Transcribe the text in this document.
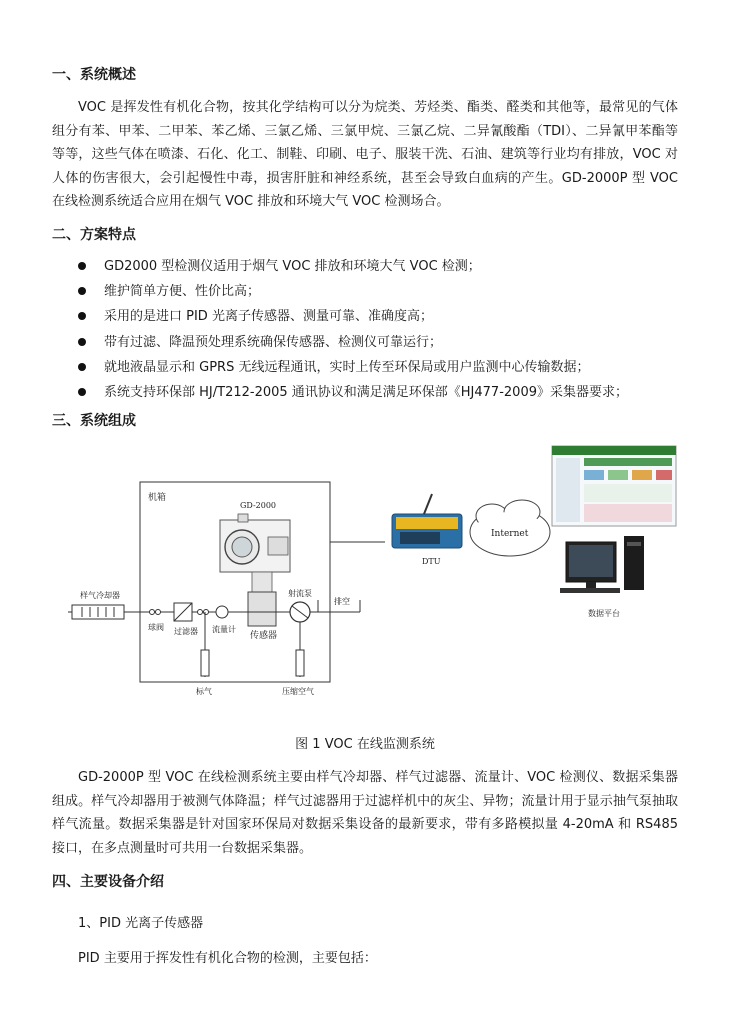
一、系统概述

VOC 是挥发性有机化合物，按其化学结构可以分为烷类、芳烃类、酯类、醛类和其他等，最常见的气体组分有苯、甲苯、二甲苯、苯乙烯、三氯乙烯、三氯甲烷、三氯乙烷、二异氰酸酯（TDI）、二异氰甲苯酯等等等，这些气体在喷漆、石化、化工、制鞋、印刷、电子、服装干洗、石油、建筑等行业均有排放，VOC 对人体的伤害很大，会引起慢性中毒，损害肝脏和神经系统，甚至会导致白血病的产生。GD-2000P 型 VOC 在线检测系统适合应用在烟气 VOC 排放和环境大气 VOC 检测场合。

二、方案特点
GD2000 型检测仪适用于烟气 VOC 排放和环境大气 VOC 检测；
维护简单方便、性价比高；
采用的是进口 PID 光离子传感器、测量可靠、准确度高；
带有过滤、降温预处理系统确保传感器、检测仪可靠运行；
就地液晶显示和 GPRS 无线远程通讯，实时上传至环保局或用户监测中心传输数据；
系统支持环保部 HJ/T212-2005 通讯协议和满足满足环保部《HJ477-2009》采集器要求；
三、系统组成
机箱
GD-2000
样气冷却器
球阀 过滤器 流量计
传感器
射流泵
排空
标气	压缩空气
DTU
Internet
数据平台
图 1 VOC 在线监测系统

GD-2000P 型 VOC 在线检测系统主要由样气冷却器、样气过滤器、流量计、VOC 检测仪、数据采集器组成。样气冷却器用于被测气体降温；样气过滤器用于过滤样机中的灰尘、异物；流量计用于显示抽气泵抽取样气流量。数据采集器是针对国家环保局对数据采集设备的最新要求，带有多路模拟量 4-20mA 和 RS485 接口，在多点测量时可共用一台数据采集器。

四、主要设备介绍

1、PID 光离子传感器

PID 主要用于挥发性有机化合物的检测，主要包括：
